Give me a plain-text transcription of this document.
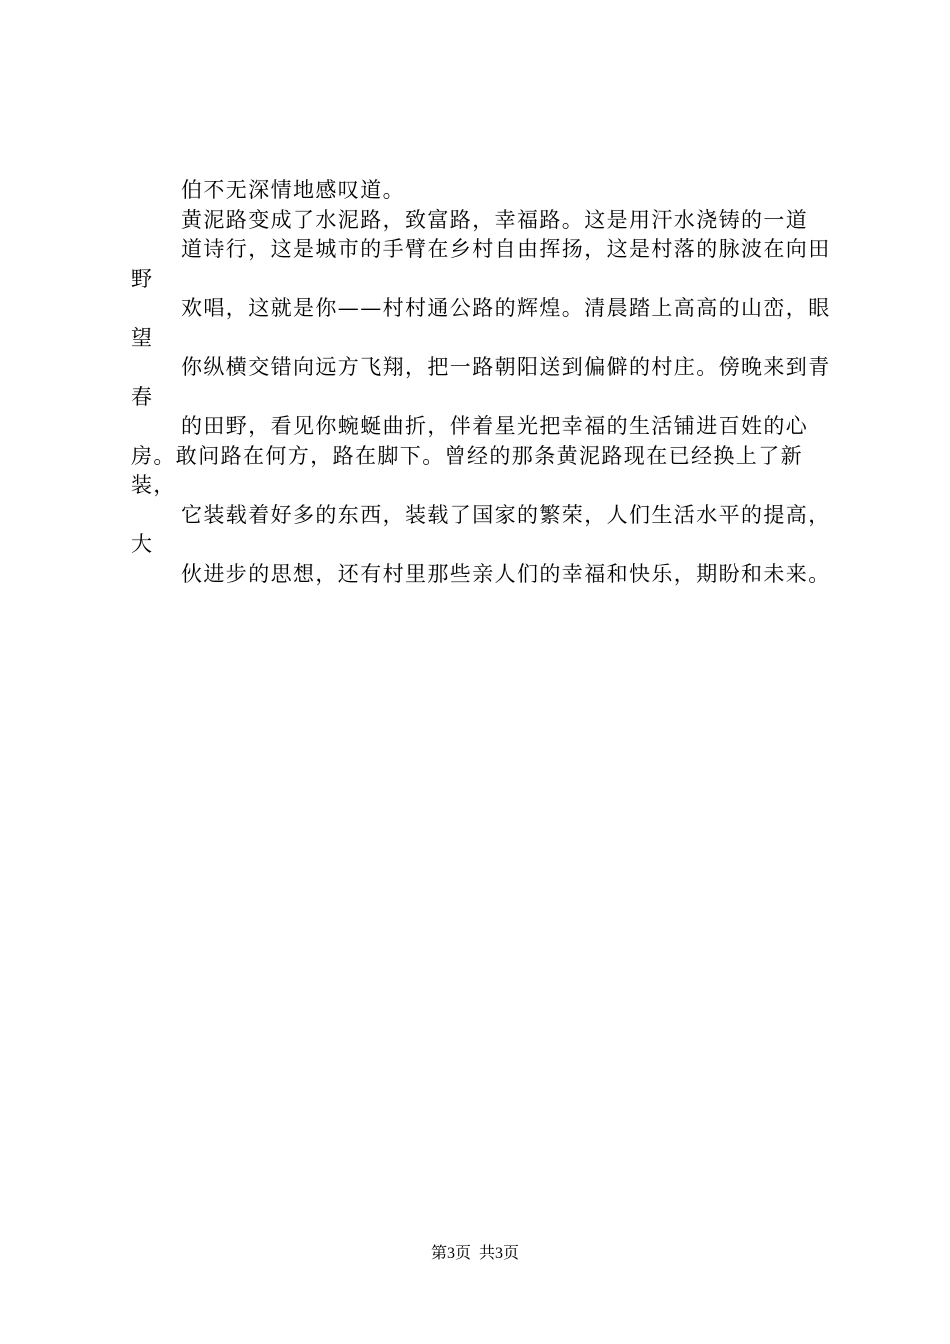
伯不无深情地感叹道。

黄泥路变成了水泥路，致富路，幸福路。这是用汗水浇铸的一道

道诗行，这是城市的手臂在乡村自由挥扬，这是村落的脉波在向田野

欢唱，这就是你——村村通公路的辉煌。清晨踏上高高的山峦，眼望

你纵横交错向远方飞翔，把一路朝阳送到偏僻的村庄。傍晚来到青春

的田野，看见你蜿蜒曲折，伴着星光把幸福的生活铺进百姓的心房。敢问路在何方，路在脚下。曾经的那条黄泥路现在已经换上了新装，

它装载着好多的东西，装载了国家的繁荣，人们生活水平的提高，大

伙进步的思想，还有村里那些亲人们的幸福和快乐，期盼和未来。

第3页 共3页
